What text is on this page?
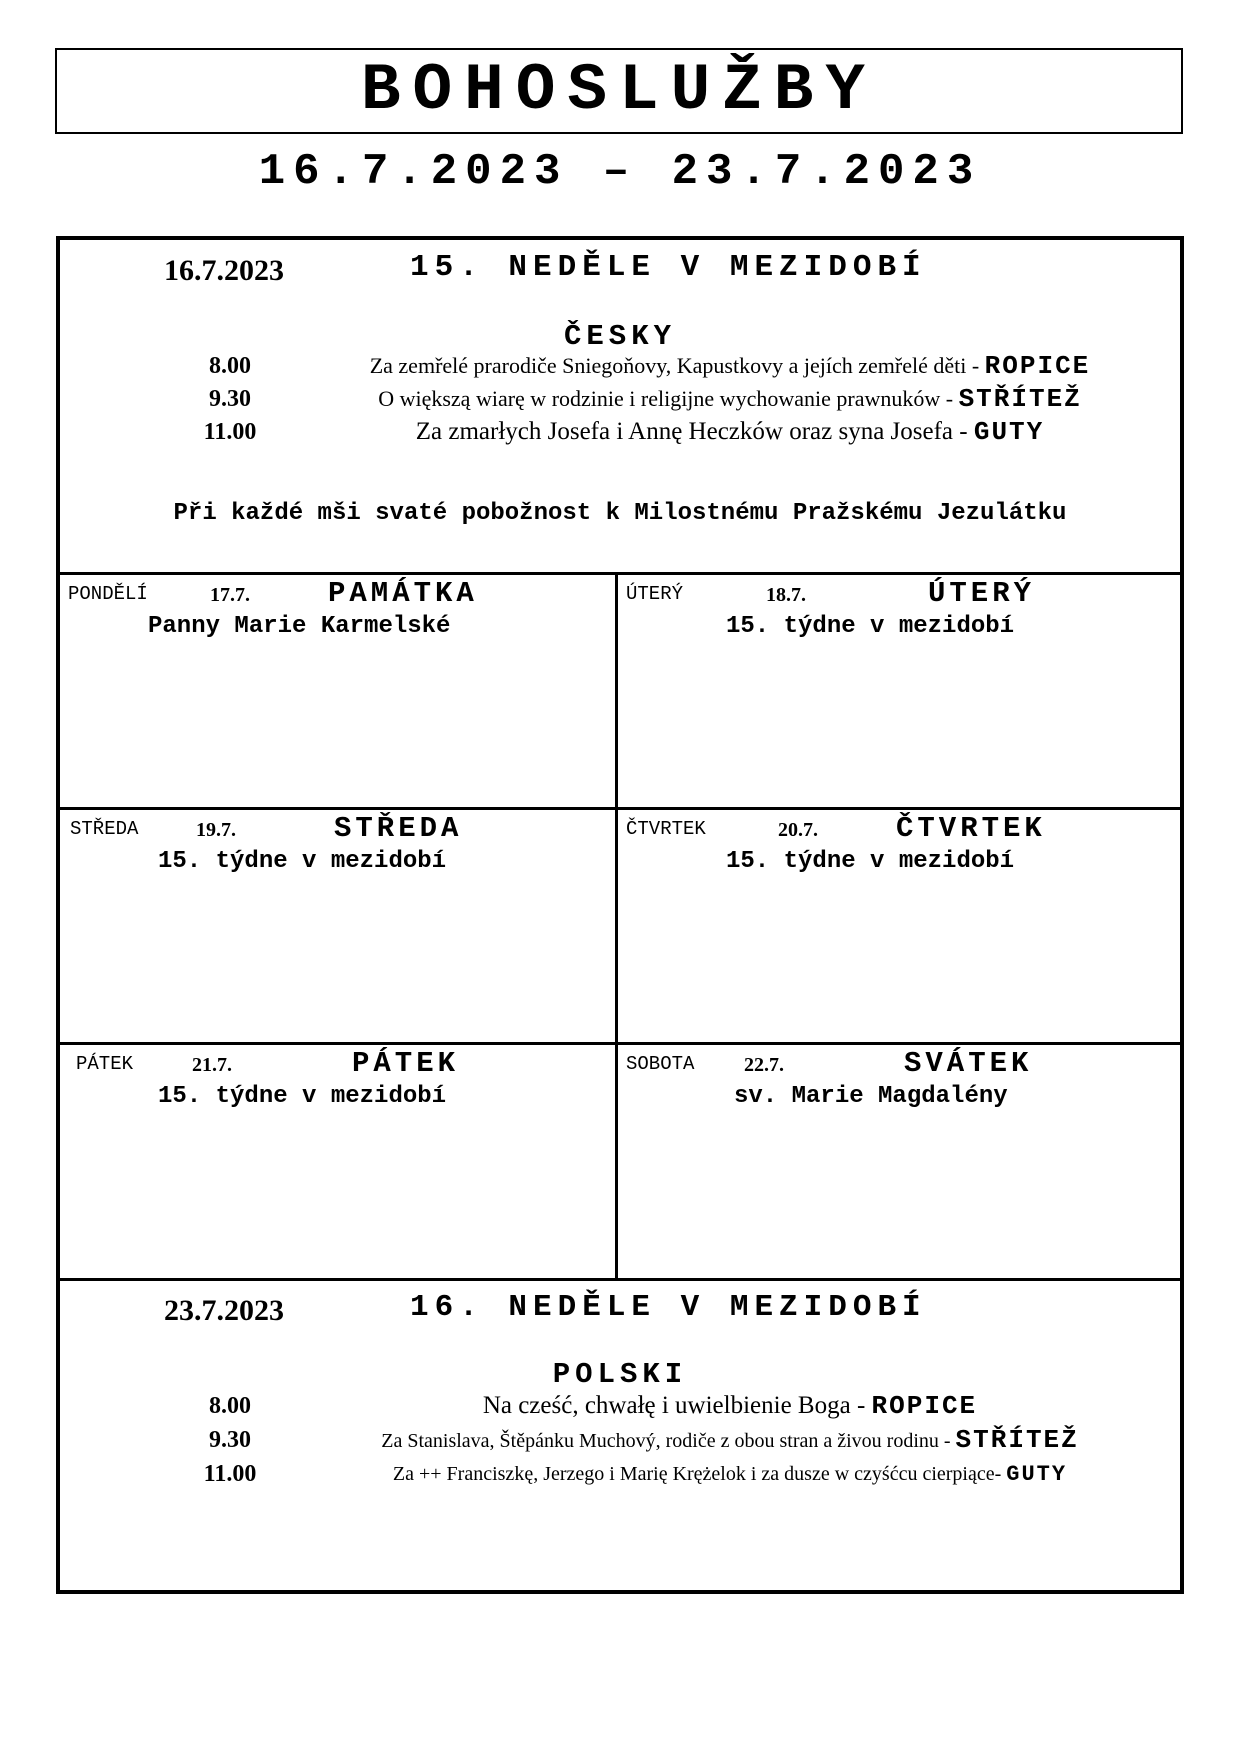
BOHOSLUŽBY
16.7.2023 – 23.7.2023
16.7.2023	15. NEDĚLE V MEZIDOBÍ
ČESKY
8.00	Za zemřelé prarodiče Sniegoňovy, Kapustkovy a jejích zemřelé děti - ROPICE
9.30	O większą wiarę w rodzinie i religijne wychowanie prawnuków - STŘÍTEŽ
11.00	Za zmarłych Josefa i Annę Heczków oraz syna Josefa - GUTY
Při každé mši svaté pobožnost k Milostnému Pražskému Jezulátku
PONDĚLÍ	17.7.	PAMÁTKA
Panny Marie Karmelské
ÚTERÝ	18.7.	ÚTERÝ
15. týdne v mezidobí
STŘEDA	19.7.	STŘEDA
15. týdne v mezidobí
ČTVRTEK	20.7.	ČTVRTEK
15. týdne v mezidobí
PÁTEK	21.7.	PÁTEK
15. týdne v mezidobí
SOBOTA 22.7.	SVÁTEK
sv. Marie Magdalény
23.7.2023	16. NEDĚLE V MEZIDOBÍ
POLSKI
8.00	Na cześć, chwałę i uwielbienie Boga - ROPICE
9.30	Za Stanislava, Štěpánku Muchový, rodiče z obou stran a živou rodinu - STŘÍTEŽ
11.00	Za ++ Franciszkę, Jerzego i Marię Krężelok i za dusze w czyśćcu cierpiące- GUTY
